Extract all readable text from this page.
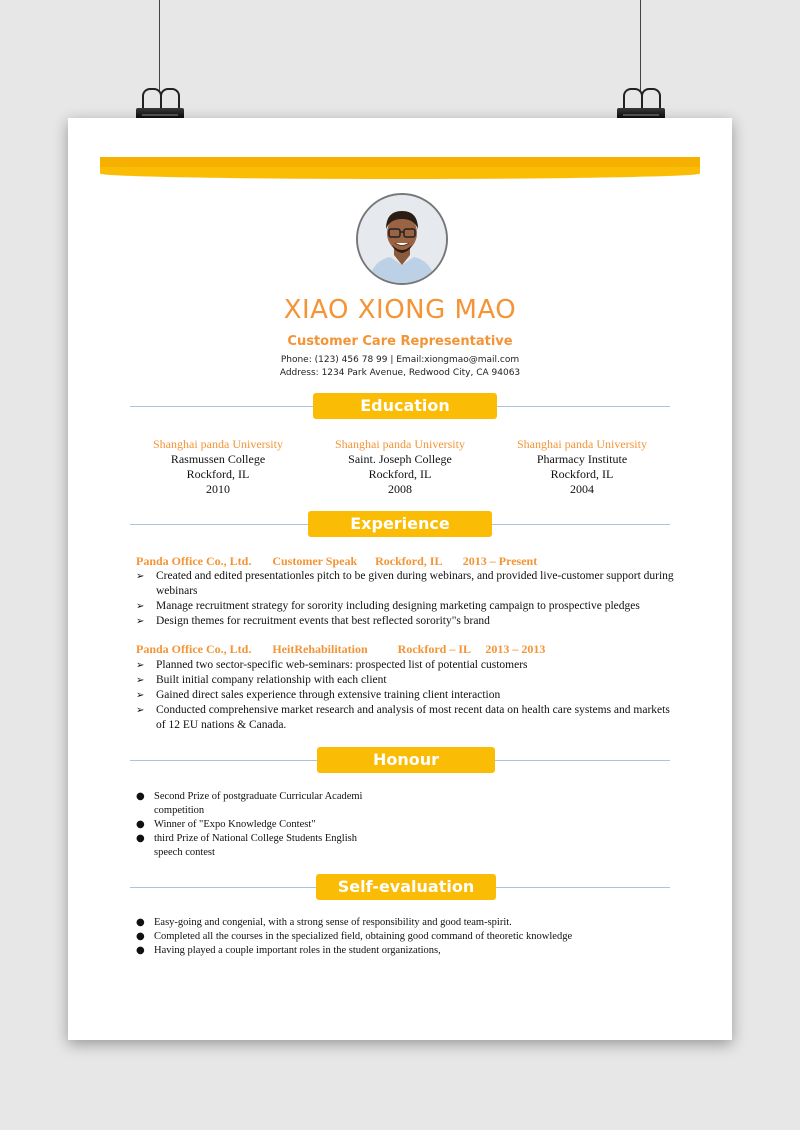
XIAO XIONG MAO
Customer Care Representative
Phone: (123) 456 78 99 | Email:xiongmao@mail.com
Address: 1234 Park Avenue, Redwood City, CA 94063
Education
Shanghai panda University
Rasmussen College
Rockford, IL
2010
Shanghai panda University
Saint. Joseph College
Rockford, IL
2008
Shanghai panda University
Pharmacy Institute
Rockford, IL
2004
Experience
Panda Office Co., Ltd.       Customer Speak      Rockford, IL       2013 – Present
➢ Created and edited presentationles pitch to be given during webinars, and provided live-customer support during webinars
➢ Manage recruitment strategy for sorority including designing marketing campaign to prospective pledges
➢ Design themes for recruitment events that best reflected sorority"s brand
Panda Office Co., Ltd.       HeitRehabilitation          Rockford – IL     2013 – 2013
➢ Planned two sector-specific web-seminars: prospected list of potential customers
➢ Built initial company relationship with each client
➢ Gained direct sales experience through extensive training client interaction
➢ Conducted comprehensive market research and analysis of most recent data on health care systems and markets of 12 EU nations & Canada.
Honour
● Second Prize of postgraduate Curricular Academi competition
● Winner of "Expo Knowledge Contest"
● third Prize of National College Students English speech contest
Self-evaluation
● Easy-going and congenial, with a strong sense of responsibility and good team-spirit.
● Completed all the courses in the specialized field, obtaining good command of theoretic knowledge
● Having played a couple important roles in the student organizations,
